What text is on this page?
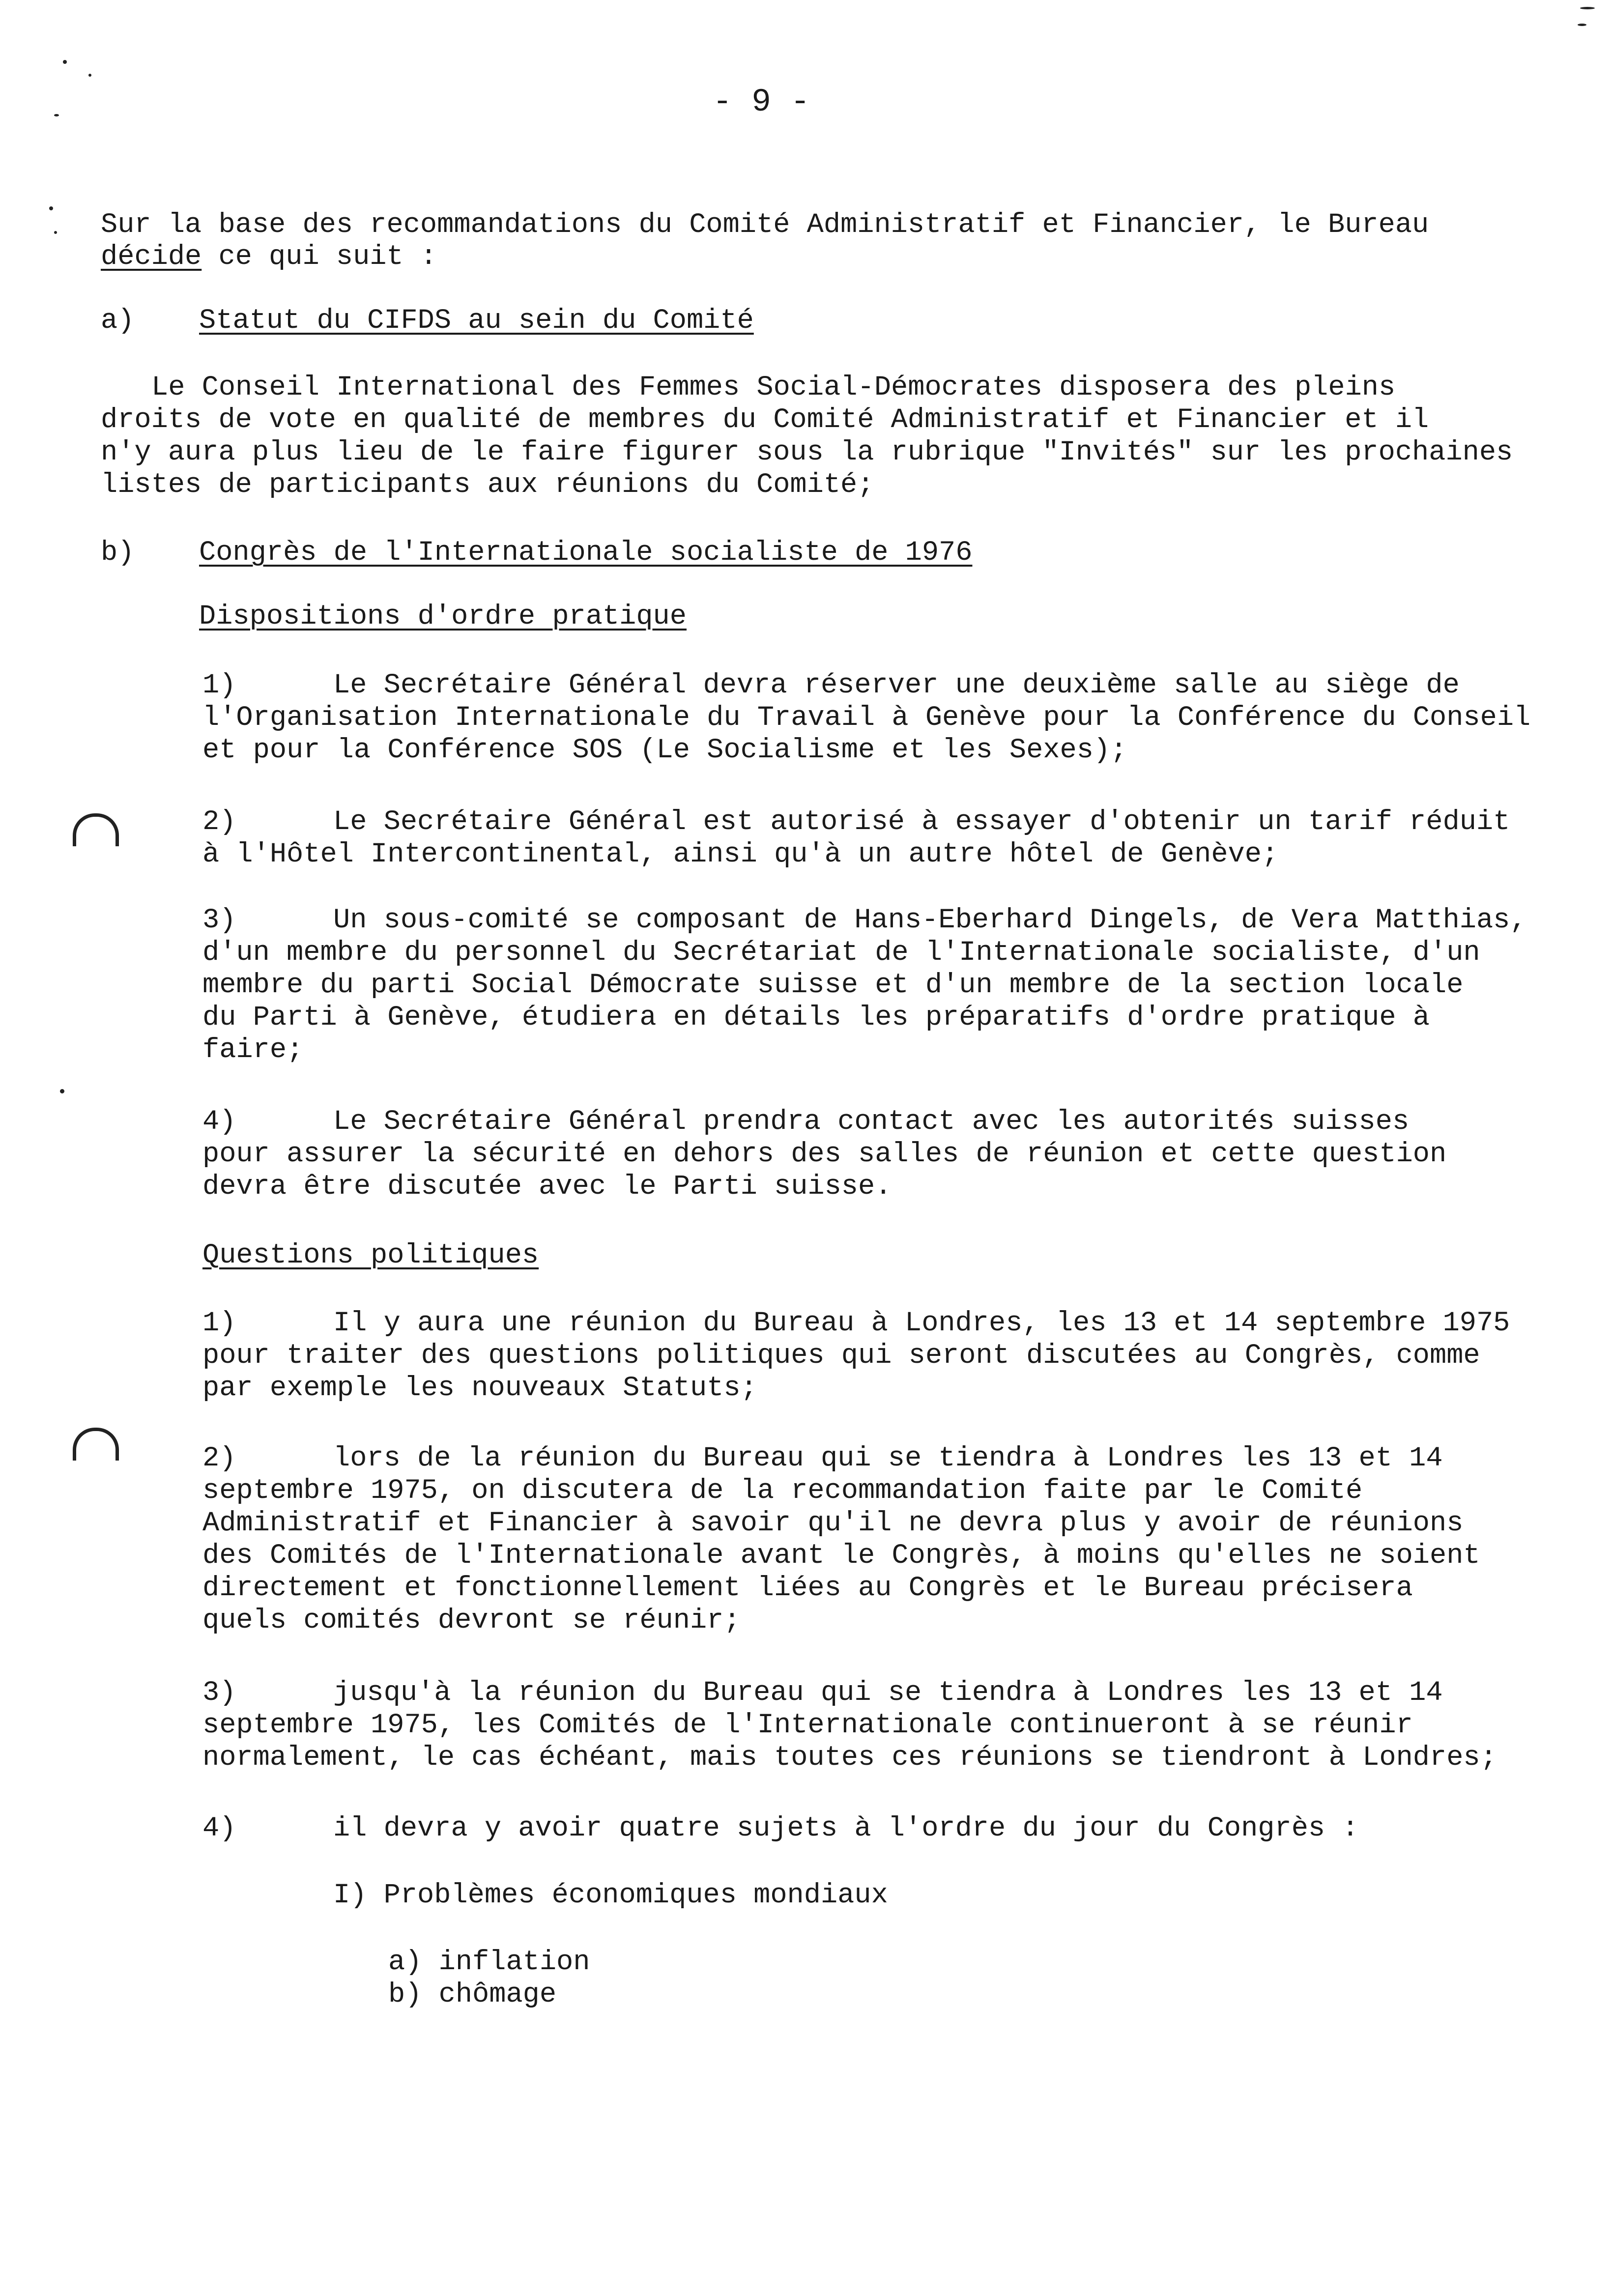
- 9 -
Sur la base des recommandations du Comité Administratif et Financier, le Bureau
décide ce qui suit :
a) Statut du CIFDS au sein du Comité
Le Conseil International des Femmes Social-Démocrates disposera des pleins
droits de vote en qualité de membres du Comité Administratif et Financier et il
n'y aura plus lieu de le faire figurer sous la rubrique "Invités" sur les prochaines
listes de participants aux réunions du Comité;
b) Congrès de l'Internationale socialiste de 1976
Dispositions d'ordre pratique
1)	Le Secrétaire Général devra réserver une deuxième salle au siège de
l'Organisation Internationale du Travail à Genève pour la Conférence du Conseil
et pour la Conférence SOS (Le Socialisme et les Sexes);
2)	Le Secrétaire Général est autorisé à essayer d'obtenir un tarif réduit
à l'Hôtel Intercontinental, ainsi qu'à un autre hôtel de Genève;
3)	Un sous-comité se composant de Hans-Eberhard Dingels, de Vera Matthias,
d'un membre du personnel du Secrétariat de l'Internationale socialiste, d'un
membre du parti Social Démocrate suisse et d'un membre de la section locale
du Parti à Genève, étudiera en détails les préparatifs d'ordre pratique à
faire;
4)	Le Secrétaire Général prendra contact avec les autorités suisses
pour assurer la sécurité en dehors des salles de réunion et cette question
devra être discutée avec le Parti suisse.
Questions politiques
1)	Il y aura une réunion du Bureau à Londres, les 13 et 14 septembre 1975
pour traiter des questions politiques qui seront discutées au Congrès, comme
par exemple les nouveaux Statuts;
2)	lors de la réunion du Bureau qui se tiendra à Londres les 13 et 14
septembre 1975, on discutera de la recommandation faite par le Comité
Administratif et Financier à savoir qu'il ne devra plus y avoir de réunions
des Comités de l'Internationale avant le Congrès, à moins qu'elles ne soient
directement et fonctionnellement liées au Congrès et le Bureau précisera
quels comités devront se réunir;
3)	jusqu'à la réunion du Bureau qui se tiendra à Londres les 13 et 14
septembre 1975, les Comités de l'Internationale continueront à se réunir
normalement, le cas échéant, mais toutes ces réunions se tiendront à Londres;
4)	il devra y avoir quatre sujets à l'ordre du jour du Congrès :
I) Problèmes économiques mondiaux
a) inflation
b) chômage
